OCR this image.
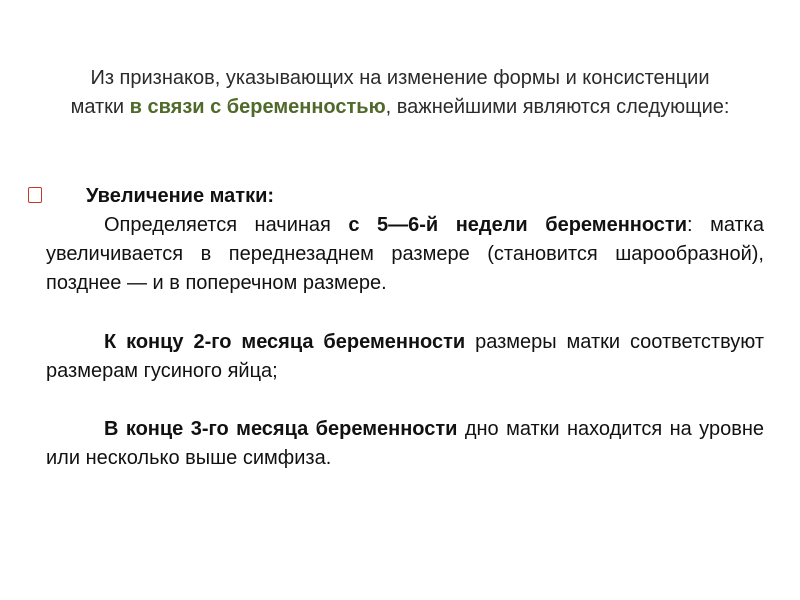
Из признаков, указывающих на изменение формы и консистенции матки в связи с беременностью, важнейшими являются следующие:
Увеличение матки:

Определяется начиная с 5—6-й недели беременности: матка увеличивается в переднезаднем размере (становится шарообразной), позднее — и в поперечном размере.

К концу 2-го месяца беременности размеры матки соответствуют размерам гусиного яйца;

В конце 3-го месяца беременности дно матки находится на уровне или несколько выше симфиза.
